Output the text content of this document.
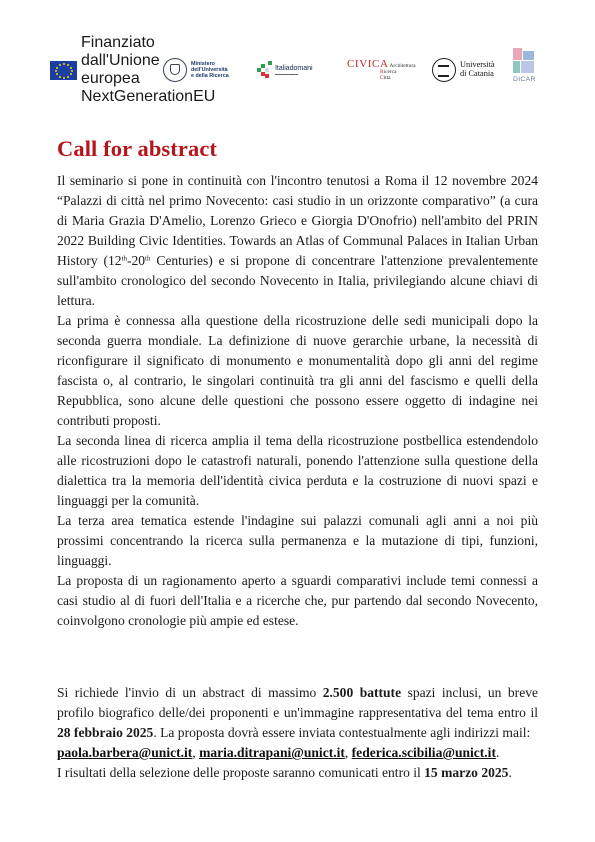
Finanziato dall'Unione europea NextGenerationEU
Ministero
dell'Università
e della Ricerca
Italiadomani
▬▬▬▬▬▬▬
CIVICA Architettura
Ricerca
Città
Università
di Catania
DICAR
Call for abstract

Il seminario si pone in continuità con l'incontro tenutosi a Roma il 12 novembre 2024 “Palazzi di città nel primo Novecento: casi studio in un orizzonte comparativo” (a cura di Maria Grazia D'Amelio, Lorenzo Grieco e Giorgia D'Onofrio) nell'ambito del PRIN 2022 Building Civic Identities. Towards an Atlas of Communal Palaces in Italian Urban History (12th-20th Centuries) e si propone di concentrare l'attenzione prevalentemente sull'ambito cronologico del secondo Novecento in Italia, privilegiando alcune chiavi di lettura.

La prima è connessa alla questione della ricostruzione delle sedi municipali dopo la seconda guerra mondiale. La definizione di nuove gerarchie urbane, la necessità di riconfigurare il significato di monumento e monumentalità dopo gli anni del regime fascista o, al contrario, le singolari continuità tra gli anni del fascismo e quelli della Repubblica, sono alcune delle questioni che possono essere oggetto di indagine nei contributi proposti.

La seconda linea di ricerca amplia il tema della ricostruzione postbellica estendendolo alle ricostruzioni dopo le catastrofi naturali, ponendo l'attenzione sulla questione della dialettica tra la memoria dell'identità civica perduta e la costruzione di nuovi spazi e linguaggi per la comunità.

La terza area tematica estende l'indagine sui palazzi comunali agli anni a noi più prossimi concentrando la ricerca sulla permanenza e la mutazione di tipi, funzioni, linguaggi.

La proposta di un ragionamento aperto a sguardi comparativi include temi connessi a casi studio al di fuori dell'Italia e a ricerche che, pur partendo dal secondo Novecento, coinvolgono cronologie più ampie ed estese.

Si richiede l'invio di un abstract di massimo 2.500 battute spazi inclusi, un breve profilo biografico delle/dei proponenti e un'immagine rappresentativa del tema entro il 28 febbraio 2025. La proposta dovrà essere inviata contestualmente agli indirizzi mail:

paola.barbera@unict.it, maria.ditrapani@unict.it, federica.scibilia@unict.it.

I risultati della selezione delle proposte saranno comunicati entro il 15 marzo 2025.
